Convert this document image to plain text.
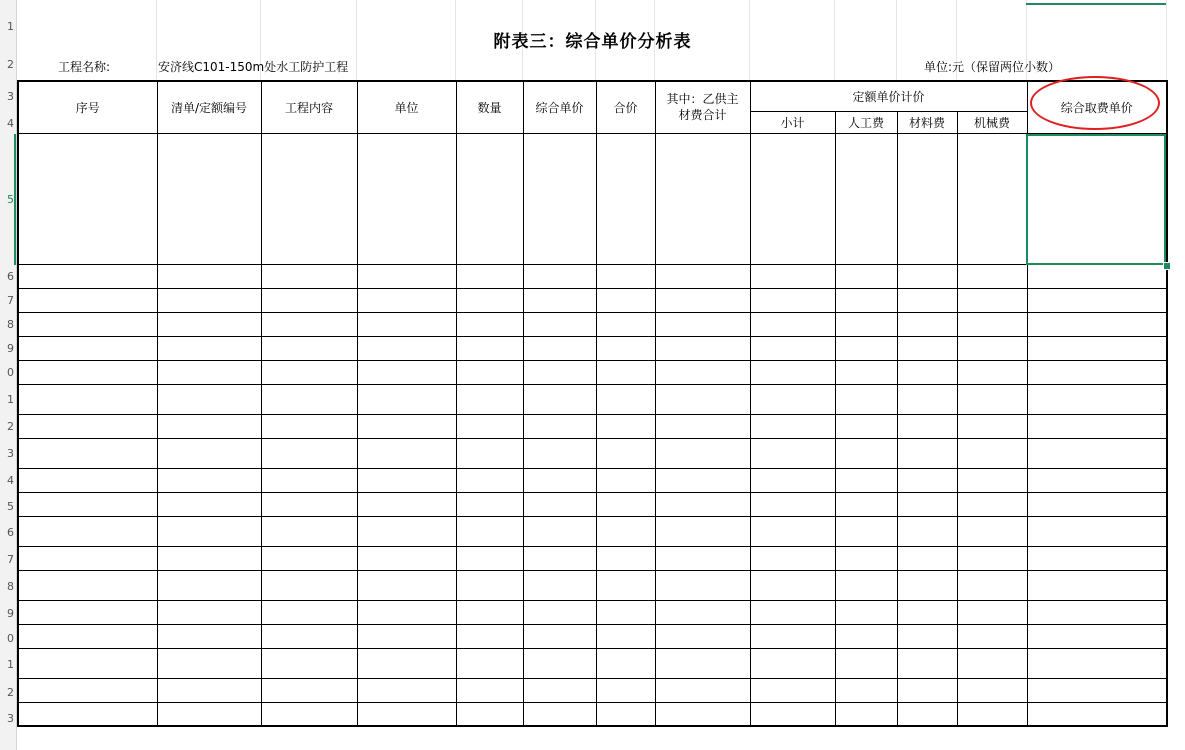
1
2
3
4
5
6
7
8
9
0
1
2
3
4
5
6
7
8
9
0
1
2
3
附表三：综合单价分析表
工程名称:	安济线C101-150m处水工防护工程	单位:元（保留两位小数）
序号	清单/定额编号	工程内容	单位	数量	综合单价	合价	其中：乙供主材费合计	定额单价计价				综合取费单价
								小计	人工费	材料费	机械费	
